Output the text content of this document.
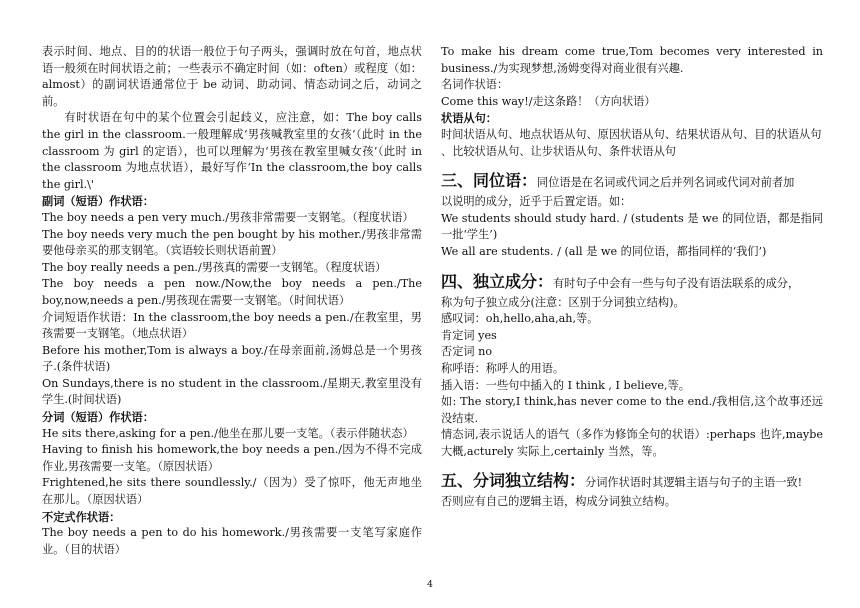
表示时间、地点、目的的状语一般位于句子两头，强调时放在句首，地点状语一般须在时间状语之前；一些表示不确定时间（如：often）或程度（如：almost）的副词状语通常位于 be 动词、助动词、情态动词之后，动词之前。

有时状语在句中的某个位置会引起歧义，应注意，如：The boy calls the girl in the classroom.一般理解成‘男孩喊教室里的女孩‘（此时 in the classroom 为 girl 的定语），也可以理解为‘男孩在教室里喊女孩’（此时 in the classroom 为地点状语），最好写作‘In the classroom,the boy calls the girl.\'

副词（短语）作状语：

The boy needs a pen very much./男孩非常需要一支钢笔。（程度状语）

The boy needs very much the pen bought by his mother./男孩非常需要他母亲买的那支钢笔。（宾语较长则状语前置）

The boy really needs a pen./男孩真的需要一支钢笔。（程度状语）

The boy needs a pen now./Now,the boy needs a pen./The boy,now,needs a pen./男孩现在需要一支钢笔。（时间状语）

介词短语作状语：In the classroom,the boy needs a pen./在教室里，男孩需要一支钢笔。（地点状语）

Before his mother,Tom is always a boy./在母亲面前,汤姆总是一个男孩子.(条件状语)

On Sundays,there is no student in the classroom./星期天,教室里没有学生.(时间状语)

分词（短语）作状语：

He sits there,asking for a pen./他坐在那儿要一支笔。（表示伴随状态）

Having to finish his homework,the boy needs a pen./因为不得不完成作业,男孩需要一支笔。（原因状语）

Frightened,he sits there soundlessly./（因为）受了惊吓，他无声地坐在那儿。（原因状语）

不定式作状语：

The boy needs a pen to do his homework./男孩需要一支笔写家庭作业。（目的状语）

To make his dream come true,Tom becomes very interested in business./为实现梦想,汤姆变得对商业很有兴趣.

名词作状语：

Come this way!/走这条路！（方向状语）

状语从句：

时间状语从句、地点状语从句、原因状语从句、结果状语从句、目的状语从句

、比较状语从句、让步状语从句、条件状语从句

三、同位语：同位语是在名词或代词之后并列名词或代词对前者加

以说明的成分，近乎于后置定语。如：

We students should study hard. / (students 是 we 的同位语，都是指同一批‘学生’)

We all are students. / (all 是 we 的同位语，都指同样的‘我们’)

四、独立成分：有时句子中会有一些与句子没有语法联系的成分，

称为句子独立成分(注意：区别于分词独立结构)。

感叹词：oh,hello,aha,ah,等。

肯定词 yes

否定词 no

称呼语：称呼人的用语。

插入语：一些句中插入的 I think , I believe,等。

如: The story,I think,has never come to the end./我相信,这个故事还远没结束.

情态词,表示说话人的语气（多作为修饰全句的状语）:perhaps 也许,maybe 大概,acturely 实际上,certainly 当然，等。

五、分词独立结构：分词作状语时其逻辑主语与句子的主语一致!

否则应有自己的逻辑主语，构成分词独立结构。

4
